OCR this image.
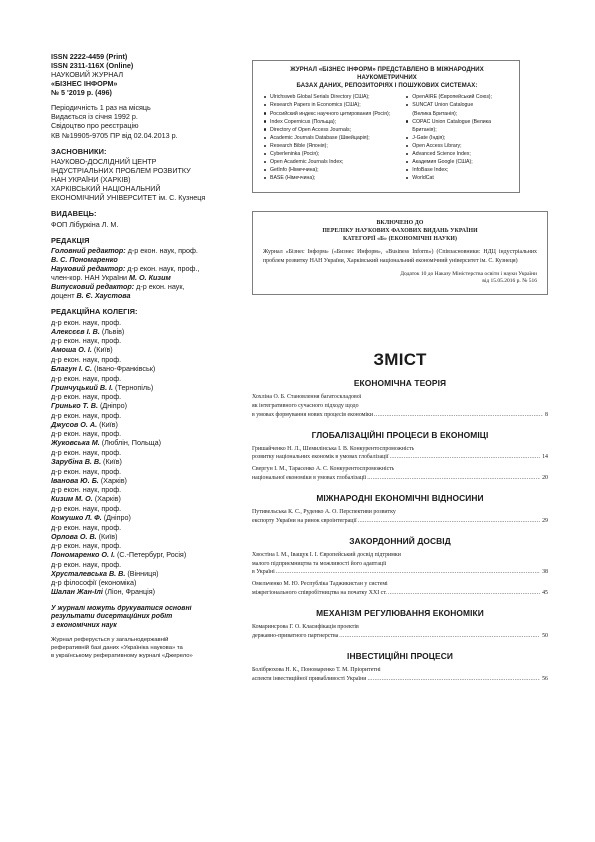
ISSN 2222-4459 (Print)
ISSN 2311-116X (Online)
НАУКОВИЙ ЖУРНАЛ
«БІЗНЕС ІНФОРМ»
№ 5 '2019 р. (496)
Періодичність 1 раз на місяць
Видається із січня 1992 р.
Свідоцтво про реєстрацію
КВ №19905-9705 ПР від 02.04.2013 р.
ЗАСНОВНИКИ:
НАУКОВО-ДОСЛІДНИЙ ЦЕНТР
ІНДУСТРІАЛЬНИХ ПРОБЛЕМ РОЗВИТКУ
НАН УКРАЇНИ (ХАРКІВ)
ХАРКІВСЬКИЙ НАЦІОНАЛЬНИЙ
ЕКОНОМІЧНИЙ УНІВЕРСИТЕТ ім. С. Кузнеця
ВИДАВЕЦЬ:
ФОП Лібуркіна Л. М.
РЕДАКЦІЯ
Головний редактор: д-р екон. наук, проф.
В. С. Пономаренко
Науковий редактор: д-р екон. наук, проф.,
член-кор. НАН України М. О. Кизим
Випусковий редактор: д-р екон. наук,
доцент В. Є. Хаустова
РЕДАКЦІЙНА КОЛЕГІЯ:
д-р екон. наук, проф.
Алексєєв І. В. (Львів)
д-р екон. наук, проф.
Амоша О. І. (Київ)
д-р екон. наук, проф.
Благун І. С. (Івано-Франківськ)
д-р екон. наук, проф.
Гринчуцький В. І. (Тернопіль)
д-р екон. наук, проф.
Гринько Т. В. (Дніпро)
д-р екон. наук, проф.
Джусов О. А. (Київ)
д-р екон. наук, проф.
Жуковська М. (Люблін, Польща)
д-р екон. наук, проф.
Зарубіна В. В. (Київ)
д-р екон. наук, проф.
Іванова Ю. Б. (Харків)
д-р екон. наук, проф.
Кизим М. О. (Харків)
д-р екон. наук, проф.
Кожушко Л. Ф. (Дніпро)
д-р екон. наук, проф.
Орлова О. В. (Київ)
д-р екон. наук, проф.
Пономаренко О. І. (С.-Петербург, Росія)
д-р екон. наук, проф.
Хрусталевська В. В. (Вінниця)
д-р філософії (економіка)
Шалан Жан-Ілі (Ліон, Франція)
У журналі можуть друкуватися основні
результати дисертаційних робіт
з економічних наук
Журнал реферується у загальнодержавній
реферативній базі даних «Україніка наукова» та
в українському реферативному журналі «Джерело»
ЖУРНАЛ «БІЗНЕС ІНФОРМ» ПРЕДСТАВЛЕНО В МІЖНАРОДНИХ НАУКОМЕТРИЧНИХ
БАЗАХ ДАНИХ, РЕПОЗИТОРІЯХ І ПОШУКОВИХ СИСТЕМАХ:
Ulrichsweb Global Serials Directory (США);
Research Papers in Economics (США);
Российский индекс научного цитирования (Росія);
Index Copernicus (Польща);
Directory of Open Access Journals;
Academic Journals Database (Швейцарія);
Research Bible (Японія);
Cyberleninka (Росія);
Open Academic Journals Index;
GetInfo (Німеччина);
BASE (Німеччина);
OpenAIRE (Європейський Союз);
SUNCAT Union Catalogue
(Велика Британія);
COPAC Union Catalogue (Велика
Британія);
J-Gate (Індія);
Open Access Library;
Advanced Science Index;
Академия Google (США);
InfoBase Index;
WorldCat
ВКЛЮЧЕНО ДО
ПЕРЕЛІКУ НАУКОВИХ ФАХОВИХ ВИДАНЬ УКРАЇНИ
КАТЕГОРІЇ «Б» (ЕКОНОМІЧНІ НАУКИ)
Журнал «Бізнес Інформ» («Бизнес Информ», «Business Inform») (Співзасновники: НДЦ індустріальних проблем розвитку НАН України, Харківський національний економічний університет ім. С. Кузнеця)
Додаток 10 до Наказу Міністерства освіти і науки України
від 15.05.2016 р. № 516
ЗМІСТ
ЕКОНОМІЧНА ТЕОРІЯ
Хохліна О. Б. Становлення багатоскладової
як інтегративного сучасного підходу щодо
в умовах формування нових процесів економіки .....	8
ГЛОБАЛІЗАЦІЙНІ ПРОЦЕСИ В ЕКОНОМІЦІ
Гришайченко Н. Л., Шемилінська І. В. Конкурентоспроможність
розвитку національних економік в умовах глобалізації .....	14
Свергун І. М., Тарасенко А. С. Конкурентоспроможність
національної економіки в умовах глобалізації .....	20
МІЖНАРОДНІ ЕКОНОМІЧНІ ВІДНОСИНИ
Путивельська К. С., Руденко А. О. Перспективи розвитку
експорту України на ринок євроінтеграції .....	29
ЗАКОРДОННИЙ ДОСВІД
Хвостіна І. М., Іващук І. І. Європейський досвід підтримки
малого підприємництва та можливості його адаптації
в Україні .....	38
Омельченко М. Ю. Республіка Таджикистан у системі
міжрегіонального співробітництва на початку XXI ст. .....	45
МЕХАНІЗМ РЕГУЛЮВАННЯ ЕКОНОМІКИ
Комаринсрова Г. О. Класифікація проектів
державно-приватного партнерства .....	50
ІНВЕСТИЦІЙНІ ПРОЦЕСИ
Болібрюхова Н. К., Пономаренко Т. М. Пріоритетні
аспекти інвестиційної привабливості України .....	56
